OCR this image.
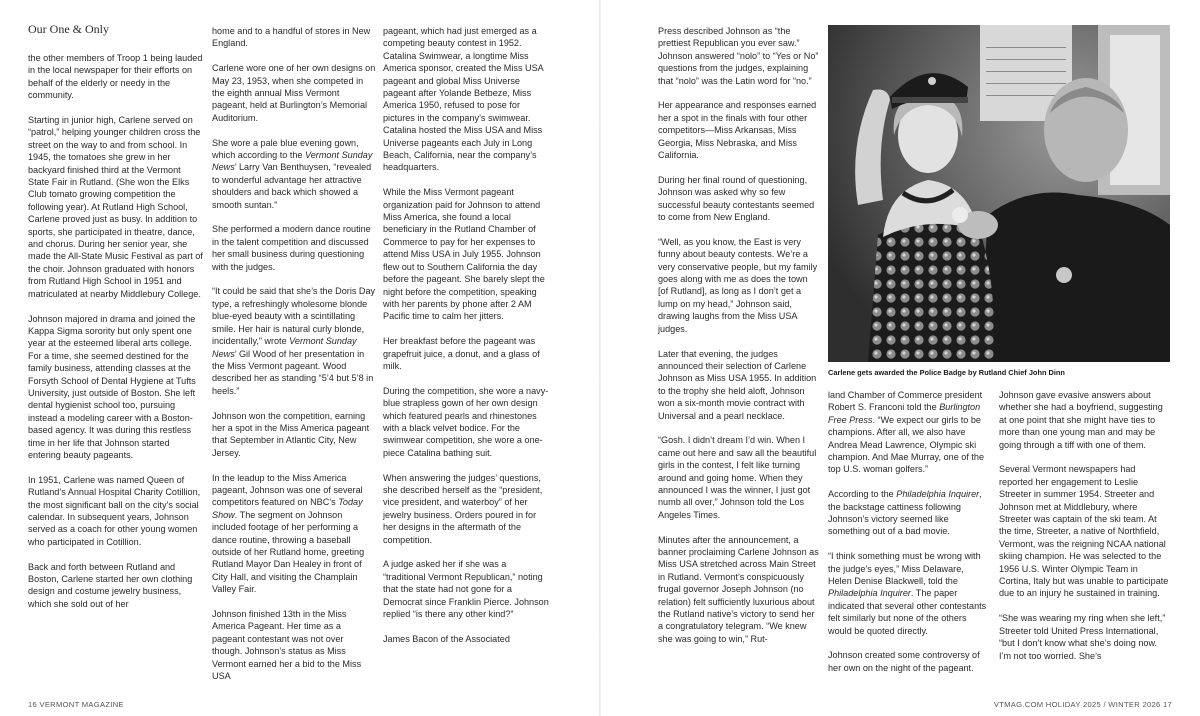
Our One & Only

the other members of Troop 1 being lauded in the local newspaper for their efforts on behalf of the elderly or needy in the community.

Starting in junior high, Carlene served on “patrol,” helping younger children cross the street on the way to and from school. In 1945, the tomatoes she grew in her backyard finished third at the Vermont State Fair in Rutland. (She won the Elks Club tomato growing competition the following year). At Rutland High School, Carlene proved just as busy. In addition to sports, she participated in theatre, dance, and chorus. During her senior year, she made the All-State Music Festival as part of the choir. Johnson graduated with honors from Rutland High School in 1951 and matriculated at nearby Middlebury College.

Johnson majored in drama and joined the Kappa Sigma sorority but only spent one year at the esteemed liberal arts college. For a time, she seemed destined for the family business, attending classes at the Forsyth School of Dental Hygiene at Tufts University, just outside of Boston. She left dental hygienist school too, pursuing instead a modeling career with a Boston-based agency. It was during this restless time in her life that Johnson started entering beauty pageants.

In 1951, Carlene was named Queen of Rutland’s Annual Hospital Charity Cotillion, the most significant ball on the city’s social calendar. In subsequent years, Johnson served as a coach for other young women who participated in Cotillion.

Back and forth between Rutland and Boston, Carlene started her own clothing design and costume jewelry business, which she sold out of her

home and to a handful of stores in New England.

Carlene wore one of her own designs on May 23, 1953, when she competed in the eighth annual Miss Vermont pageant, held at Burlington’s Memorial Auditorium.

She wore a pale blue evening gown, which according to the Vermont Sunday News’ Larry Van Benthuysen, “revealed to wonderful advantage her attractive shoulders and back which showed a smooth suntan.”

She performed a modern dance routine in the talent competition and discussed her small business during questioning with the judges.

“It could be said that she’s the Doris Day type, a refreshingly wholesome blonde blue-eyed beauty with a scintillating smile. Her hair is natural curly blonde, incidentally,” wrote Vermont Sunday News’ Gil Wood of her presentation in the Miss Vermont pageant. Wood described her as standing “5’4 but 5’8 in heels.”

Johnson won the competition, earning her a spot in the Miss America pageant that September in Atlantic City, New Jersey.

In the leadup to the Miss America pageant, Johnson was one of several competitors featured on NBC’s Today Show. The segment on Johnson included footage of her performing a dance routine, throwing a baseball outside of her Rutland home, greeting Rutland Mayor Dan Healey in front of City Hall, and visiting the Champlain Valley Fair.

Johnson finished 13th in the Miss America Pageant. Her time as a pageant contestant was not over though. Johnson’s status as Miss Vermont earned her a bid to the Miss USA

pageant, which had just emerged as a competing beauty contest in 1952. Catalina Swimwear, a longtime Miss America sponsor, created the Miss USA pageant and global Miss Universe pageant after Yolande Betbeze, Miss America 1950, refused to pose for pictures in the company’s swimwear. Catalina hosted the Miss USA and Miss Universe pageants each July in Long Beach, California, near the company’s headquarters.

While the Miss Vermont pageant organization paid for Johnson to attend Miss America, she found a local beneficiary in the Rutland Chamber of Commerce to pay for her expenses to attend Miss USA in July 1955. Johnson flew out to Southern California the day before the pageant. She barely slept the night before the competition, speaking with her parents by phone after 2 AM Pacific time to calm her jitters.

Her breakfast before the pageant was grapefruit juice, a donut, and a glass of milk.

During the competition, she wore a navy-blue strapless gown of her own design which featured pearls and rhinestones with a black velvet bodice. For the swimwear competition, she wore a one-piece Catalina bathing suit.

When answering the judges’ questions, she described herself as the “president, vice president, and waterboy” of her jewelry business. Orders poured in for her designs in the aftermath of the competition.

A judge asked her if she was a “traditional Vermont Republican,” noting that the state had not gone for a Democrat since Franklin Pierce. Johnson replied “is there any other kind?”

James Bacon of the Associated

Press described Johnson as “the prettiest Republican you ever saw.” Johnson answered “nolo” to “Yes or No” questions from the judges, explaining that “nolo” was the Latin word for “no.”

Her appearance and responses earned her a spot in the finals with four other competitors—Miss Arkansas, Miss Georgia, Miss Nebraska, and Miss California.

During her final round of questioning, Johnson was asked why so few successful beauty contestants seemed to come from New England.

“Well, as you know, the East is very funny about beauty contests. We’re a very conservative people, but my family goes along with me as does the town [of Rutland], as long as I don’t get a lump on my head,” Johnson said, drawing laughs from the Miss USA judges.

Later that evening, the judges announced their selection of Carlene Johnson as Miss USA 1955. In addition to the trophy she held aloft, Johnson won a six-month movie contract with Universal and a pearl necklace.

“Gosh. I didn’t dream I’d win. When I came out here and saw all the beautiful girls in the contest, I felt like turning around and going home. When they announced I was the winner, I just got numb all over,” Johnson told the Los Angeles Times.

Minutes after the announcement, a banner proclaiming Carlene Johnson as Miss USA stretched across Main Street in Rutland. Vermont’s conspicuously frugal governor Joseph Johnson (no relation) felt sufficiently luxurious about the Rutland native’s victory to send her a congratulatory telegram. “We knew she was going to win,” Rut-

Carlene gets awarded the Police Badge by Rutland Chief John Dinn

land Chamber of Commerce president Robert S. Franconi told the Burlington Free Press. “We expect our girls to be champions. After all, we also have Andrea Mead Lawrence, Olympic ski champion. And Mae Murray, one of the top U.S. woman golfers.”

According to the Philadelphia Inquirer, the backstage cattiness following Johnson’s victory seemed like something out of a bad movie.

“I think something must be wrong with the judge’s eyes,” Miss Delaware, Helen Denise Blackwell, told the Philadelphia Inquirer. The paper indicated that several other contestants felt similarly but none of the others would be quoted directly.

Johnson created some controversy of her own on the night of the pageant.

Johnson gave evasive answers about whether she had a boyfriend, suggesting at one point that she might have ties to more than one young man and may be going through a tiff with one of them.

Several Vermont newspapers had reported her engagement to Leslie Streeter in summer 1954. Streeter and Johnson met at Middlebury, where Streeter was captain of the ski team. At the time, Streeter, a native of Northfield, Vermont, was the reigning NCAA national skiing champion. He was selected to the 1956 U.S. Winter Olympic Team in Cortina, Italy but was unable to participate due to an injury he sustained in training.

“She was wearing my ring when she left,” Streeter told United Press International, “but I don’t know what she’s doing now. I’m not too worried. She’s

16 VERMONT MAGAZINE	VTMAG.COM HOLIDAY 2025 / WINTER 2026 17
